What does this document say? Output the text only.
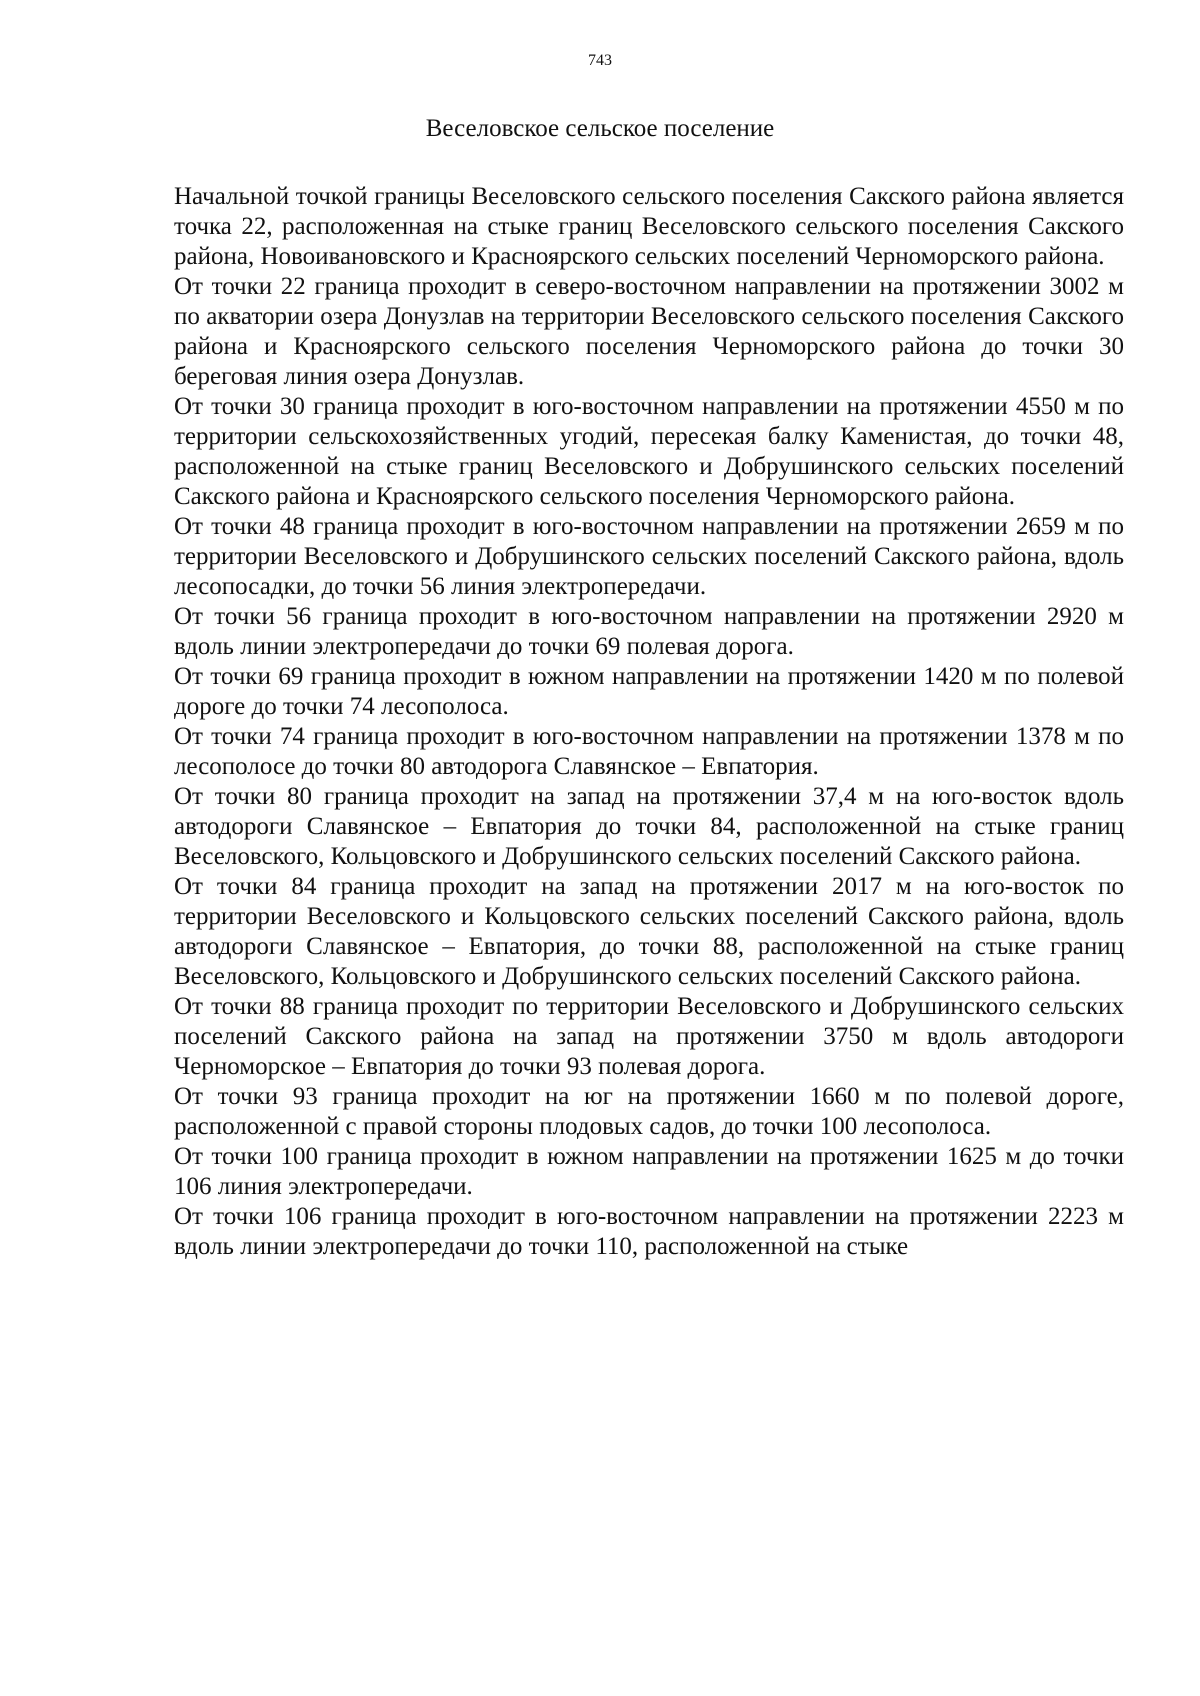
743
Веселовское сельское поселение

Начальной точкой границы Веселовского сельского поселения Сакского района является точка 22, расположенная на стыке границ Веселовского сельского поселения Сакского района, Новоивановского и Красноярского сельских поселений Черноморского района.

От точки 22 граница проходит в северо-восточном направлении на протяжении 3002 м по акватории озера Донузлав на территории Веселовского сельского поселения Сакского района и Красноярского сельского поселения Черноморского района до точки 30 береговая линия озера Донузлав.

От точки 30 граница проходит в юго-восточном направлении на протяжении 4550 м по территории сельскохозяйственных угодий, пересекая балку Каменистая, до точки 48, расположенной на стыке границ Веселовского и Добрушинского сельских поселений Сакского района и Красноярского сельского поселения Черноморского района.

От точки 48 граница проходит в юго-восточном направлении на протяжении 2659 м по территории Веселовского и Добрушинского сельских поселений Сакского района, вдоль лесопосадки, до точки 56 линия электропередачи.

От точки 56 граница проходит в юго-восточном направлении на протяжении 2920 м вдоль линии электропередачи до точки 69 полевая дорога.

От точки 69 граница проходит в южном направлении на протяжении 1420 м по полевой дороге до точки 74 лесополоса.

От точки 74 граница проходит в юго-восточном направлении на протяжении 1378 м по лесополосе до точки 80 автодорога Славянское – Евпатория.

От точки 80 граница проходит на запад на протяжении 37,4 м на юго-восток вдоль автодороги Славянское – Евпатория до точки 84, расположенной на стыке границ Веселовского, Кольцовского и Добрушинского сельских поселений Сакского района.

От точки 84 граница проходит на запад на протяжении 2017 м на юго-восток по территории Веселовского и Кольцовского сельских поселений Сакского района, вдоль автодороги Славянское – Евпатория, до точки 88, расположенной на стыке границ Веселовского, Кольцовского и Добрушинского сельских поселений Сакского района.

От точки 88 граница проходит по территории Веселовского и Добрушинского сельских поселений Сакского района на запад на протяжении 3750 м вдоль автодороги Черноморское – Евпатория до точки 93 полевая дорога.

От точки 93 граница проходит на юг на протяжении 1660 м по полевой дороге, расположенной с правой стороны плодовых садов, до точки 100 лесополоса.

От точки 100 граница проходит в южном направлении на протяжении 1625 м до точки 106 линия электропередачи.

От точки 106 граница проходит в юго-восточном направлении на протяжении 2223 м вдоль линии электропередачи до точки 110, расположенной на стыке
